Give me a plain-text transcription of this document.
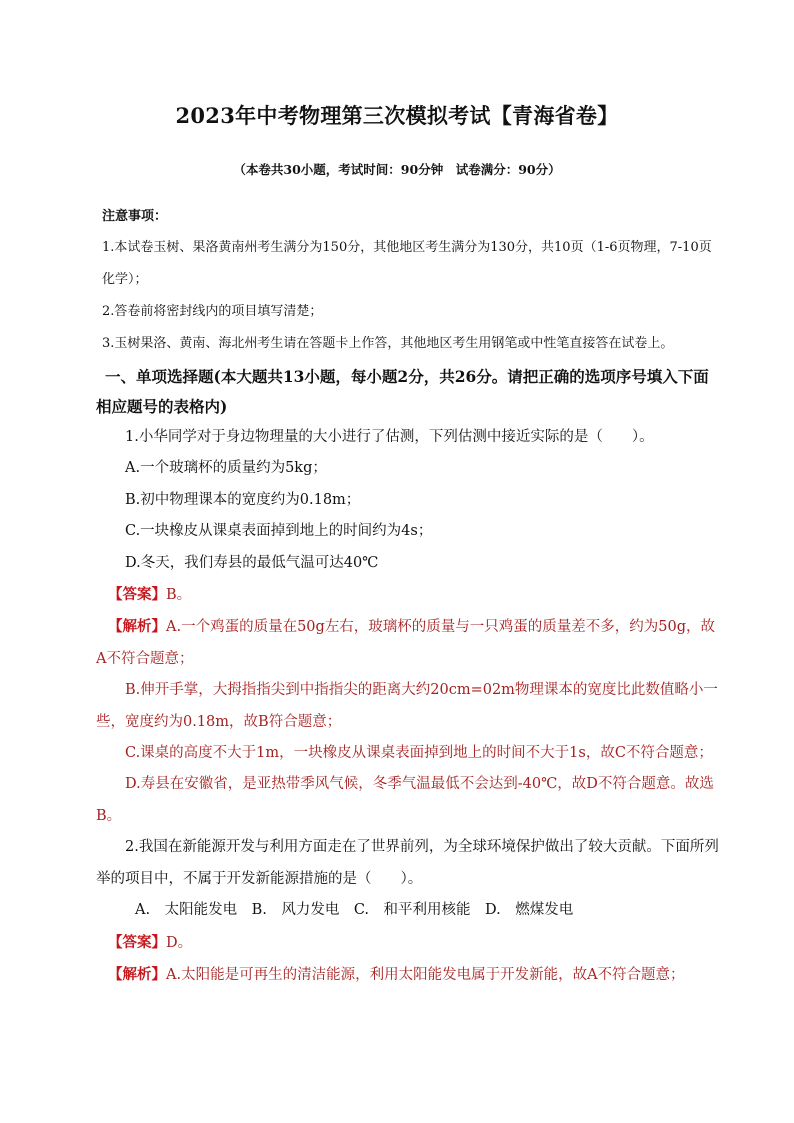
2023年中考物理第三次模拟考试【青海省卷】
（本卷共30小题，考试时间：90分钟　试卷满分：90分）
注意事项：
1.本试卷玉树、果洛黄南州考生满分为150分，其他地区考生满分为130分，共10页（1-6页物理，7-10页化学）；
2.答卷前将密封线内的项目填写清楚；
3.玉树果洛、黄南、海北州考生请在答题卡上作答，其他地区考生用钢笔或中性笔直接答在试卷上。
一、单项选择题(本大题共13小题，每小题2分，共26分。请把正确的选项序号填入下面相应题号的表格内)
1.小华同学对于身边物理量的大小进行了估测，下列估测中接近实际的是（　　）。
A.一个玻璃杯的质量约为5kg；
B.初中物理课本的宽度约为0.18m；
C.一块橡皮从课桌表面掉到地上的时间约为4s；
D.冬天，我们寿县的最低气温可达40℃
【答案】B。
【解析】A.一个鸡蛋的质量在50g左右，玻璃杯的质量与一只鸡蛋的质量差不多，约为50g，故A不符合题意；
B.伸开手掌，大拇指指尖到中指指尖的距离大约20cm=02m物理课本的宽度比此数值略小一些，宽度约为0.18m，故B符合题意；
C.课桌的高度不大于1m，一块橡皮从课桌表面掉到地上的时间不大于1s，故C不符合题意；
D.寿县在安徽省，是亚热带季风气候，冬季气温最低不会达到-40℃，故D不符合题意。故选B。
2.我国在新能源开发与利用方面走在了世界前列，为全球环境保护做出了较大贡献。下面所列举的项目中，不属于开发新能源措施的是（　　）。
A.　太阳能发电　B.　风力发电　C.　和平利用核能　D.　燃煤发电
【答案】D。
【解析】A.太阳能是可再生的清洁能源，利用太阳能发电属于开发新能，故A不符合题意；
